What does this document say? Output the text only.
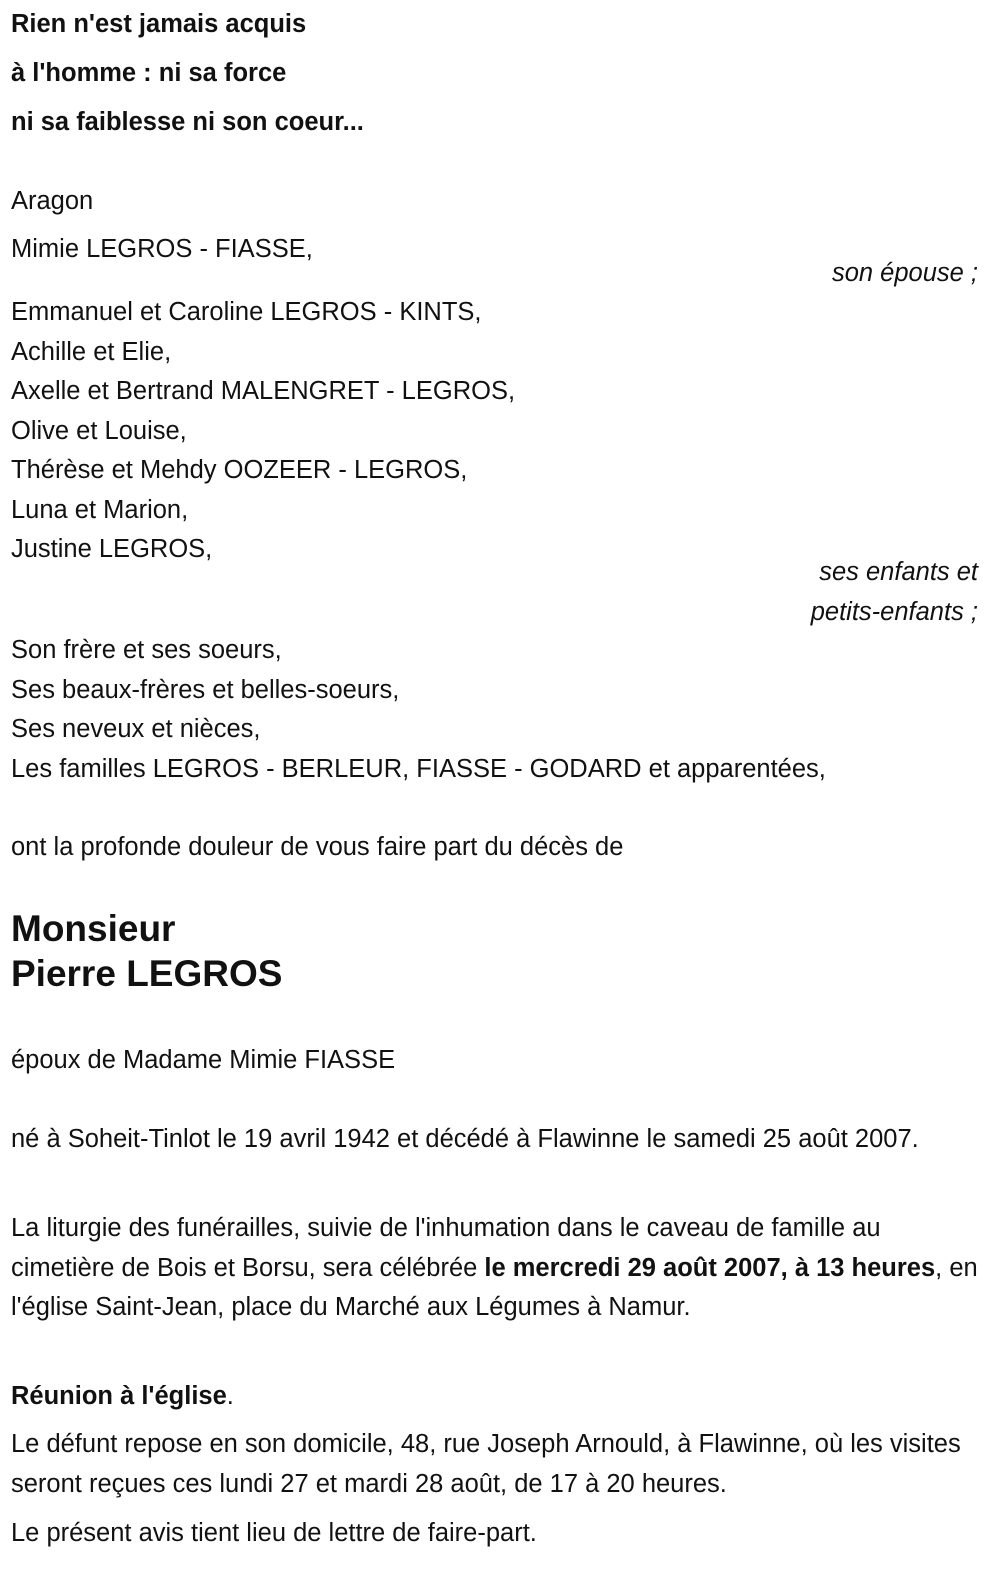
Rien n'est jamais acquis

à l'homme : ni sa force

ni sa faiblesse ni son coeur...

Aragon
Mimie LEGROS - FIASSE,
son épouse ;

Emmanuel et Caroline LEGROS - KINTS,

Achille et Elie,

Axelle et Bertrand MALENGRET - LEGROS,

Olive et Louise,

Thérèse et Mehdy OOZEER - LEGROS,

Luna et Marion,

Justine LEGROS,

ses enfants et

petits-enfants ;

Son frère et ses soeurs,

Ses beaux-frères et belles-soeurs,

Ses neveux et nièces,

Les familles LEGROS - BERLEUR, FIASSE - GODARD et apparentées,

ont la profonde douleur de vous faire part du décès de

Monsieur

Pierre LEGROS

époux de Madame Mimie FIASSE
né à Soheit-Tinlot le 19 avril 1942 et décédé à Flawinne le samedi 25 août 2007.
La liturgie des funérailles, suivie de l'inhumation dans le caveau de famille au cimetière de Bois et Borsu, sera célébrée le mercredi 29 août 2007, à 13 heures, en l'église Saint-Jean, place du Marché aux Légumes à Namur.
Réunion à l'église.
Le défunt repose en son domicile, 48, rue Joseph Arnould, à Flawinne, où les visites seront reçues ces lundi 27 et mardi 28 août, de 17 à 20 heures.
Le présent avis tient lieu de lettre de faire-part.
